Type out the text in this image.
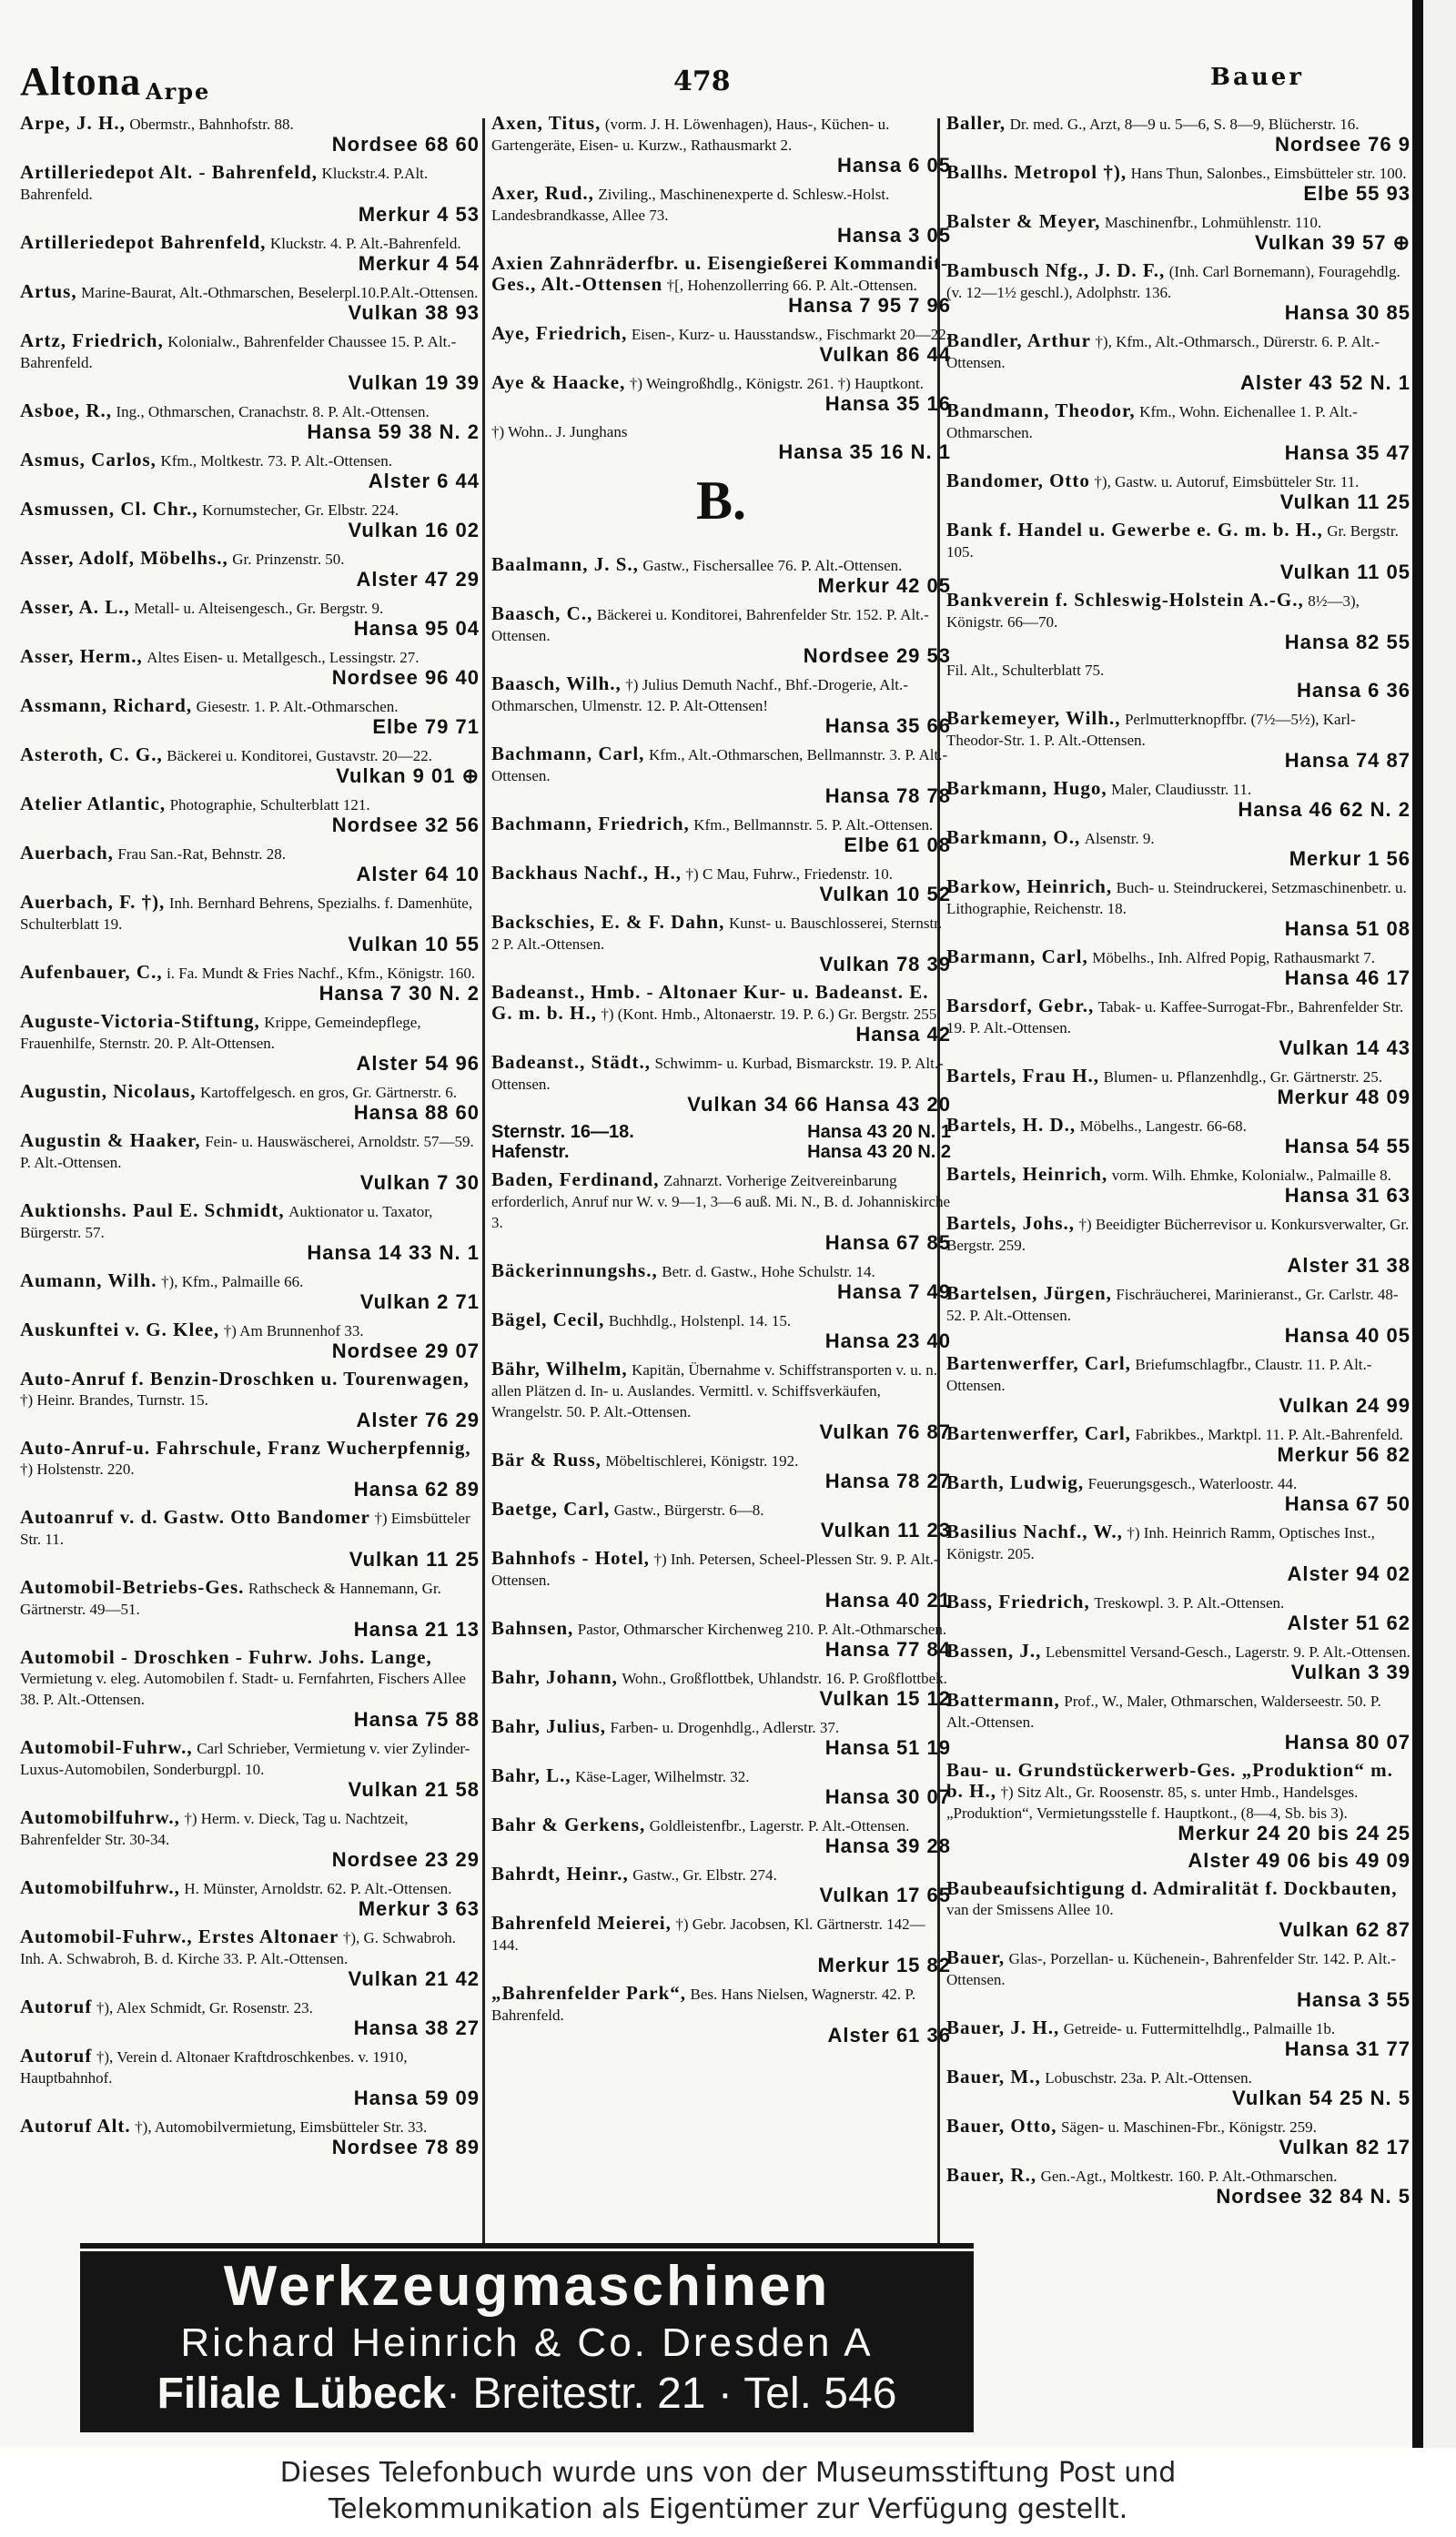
Altona Arpe	478	Bauer
Arpe, J. H., Obermstr., Bahnhofstr. 88.
Nordsee 68 60
Artilleriedepot Alt. - Bahrenfeld, Kluckstr.4. P.Alt. Bahrenfeld.
Merkur 4 53
Artilleriedepot Bahrenfeld, Kluckstr. 4. P. Alt.-Bahrenfeld.
Merkur 4 54
Artus, Marine-Baurat, Alt.-Othmarschen, Beselerpl.10.P.Alt.-Ottensen.
Vulkan 38 93
Artz, Friedrich, Kolonialw., Bahrenfelder Chaussee 15. P. Alt.-Bahrenfeld.
Vulkan 19 39
Asboe, R., Ing., Othmarschen, Cranachstr. 8. P. Alt.-Ottensen.
Hansa 59 38 N. 2
Asmus, Carlos, Kfm., Moltkestr. 73. P. Alt.-Ottensen.
Alster 6 44
Asmussen, Cl. Chr., Kornumstecher, Gr. Elbstr. 224.
Vulkan 16 02
Asser, Adolf, Möbelhs., Gr. Prinzenstr. 50.
Alster 47 29
Asser, A. L., Metall- u. Alteisengesch., Gr. Bergstr. 9.
Hansa 95 04
Asser, Herm., Altes Eisen- u. Metallgesch., Lessingstr. 27.
Nordsee 96 40
Assmann, Richard, Giesestr. 1. P. Alt.-Othmarschen.
Elbe 79 71
Asteroth, C. G., Bäckerei u. Konditorei, Gustavstr. 20—22.
Vulkan 9 01 ⊕
Atelier Atlantic, Photographie, Schulterblatt 121.
Nordsee 32 56
Auerbach, Frau San.-Rat, Behnstr. 28.
Alster 64 10
Auerbach, F. †), Inh. Bernhard Behrens, Spezialhs. f. Damenhüte, Schulterblatt 19.
Vulkan 10 55
Aufenbauer, C., i. Fa. Mundt & Fries Nachf., Kfm., Königstr. 160.
Hansa 7 30 N. 2
Auguste-Victoria-Stiftung, Krippe, Gemeindepflege, Frauenhilfe, Sternstr. 20. P. Alt-Ottensen.
Alster 54 96
Augustin, Nicolaus, Kartoffelgesch. en gros, Gr. Gärtnerstr. 6.
Hansa 88 60
Augustin & Haaker, Fein- u. Hauswäscherei, Arnoldstr. 57—59. P. Alt.-Ottensen.
Vulkan 7 30
Auktionshs. Paul E. Schmidt, Auktionator u. Taxator, Bürgerstr. 57.
Hansa 14 33 N. 1
Aumann, Wilh. †), Kfm., Palmaille 66.
Vulkan 2 71
Auskunftei v. G. Klee, †) Am Brunnenhof 33.
Nordsee 29 07
Auto-Anruf f. Benzin-Droschken u. Tourenwagen, †) Heinr. Brandes, Turnstr. 15.
Alster 76 29
Auto-Anruf-u. Fahrschule, Franz Wucherpfennig, †) Holstenstr. 220.
Hansa 62 89
Autoanruf v. d. Gastw. Otto Bandomer †) Eimsbütteler Str. 11.
Vulkan 11 25
Automobil-Betriebs-Ges. Rathscheck & Hannemann, Gr. Gärtnerstr. 49—51.
Hansa 21 13
Automobil - Droschken - Fuhrw. Johs. Lange, Vermietung v. eleg. Automobilen f. Stadt- u. Fernfahrten, Fischers Allee 38. P. Alt.-Ottensen.
Hansa 75 88
Automobil-Fuhrw., Carl Schrieber, Vermietung v. vier Zylinder-Luxus-Automobilen, Sonderburgpl. 10.
Vulkan 21 58
Automobilfuhrw., †) Herm. v. Dieck, Tag u. Nachtzeit, Bahrenfelder Str. 30-34.
Nordsee 23 29
Automobilfuhrw., H. Münster, Arnoldstr. 62. P. Alt.-Ottensen.
Merkur 3 63
Automobil-Fuhrw., Erstes Altonaer †), G. Schwabroh. Inh. A. Schwabroh, B. d. Kirche 33. P. Alt.-Ottensen.
Vulkan 21 42
Autoruf †), Alex Schmidt, Gr. Rosenstr. 23.
Hansa 38 27
Autoruf †), Verein d. Altonaer Kraftdroschkenbes. v. 1910, Hauptbahnhof.
Hansa 59 09
Autoruf Alt. †), Automobilvermietung, Eimsbütteler Str. 33.
Nordsee 78 89
Axen, Titus, (vorm. J. H. Löwenhagen), Haus-, Küchen- u. Gartengeräte, Eisen- u. Kurzw., Rathausmarkt 2.
Hansa 6 05
Axer, Rud., Ziviling., Maschinenexperte d. Schlesw.-Holst. Landesbrandkasse, Allee 73.
Hansa 3 05
Axien Zahnräderfbr. u. Eisengießerei Kommandit-Ges., Alt.-Ottensen †[, Hohenzollerring 66. P. Alt.-Ottensen.
Hansa 7 95 7 96
Aye, Friedrich, Eisen-, Kurz- u. Hausstandsw., Fischmarkt 20—22.
Vulkan 86 44
Aye & Haacke, †) Weingroßhdlg., Königstr. 261. †) Hauptkont.
Hansa 35 16
†) Wohn.. J. Junghans
Hansa 35 16 N. 1
B.
Baalmann, J. S., Gastw., Fischersallee 76. P. Alt.-Ottensen.
Merkur 42 05
Baasch, C., Bäckerei u. Konditorei, Bahrenfelder Str. 152. P. Alt.-Ottensen.
Nordsee 29 53
Baasch, Wilh., †) Julius Demuth Nachf., Bhf.-Drogerie, Alt.-Othmarschen, Ulmenstr. 12. P. Alt-Ottensen!
Hansa 35 66
Bachmann, Carl, Kfm., Alt.-Othmarschen, Bellmannstr. 3. P. Alt.-Ottensen.
Hansa 78 78
Bachmann, Friedrich, Kfm., Bellmannstr. 5. P. Alt.-Ottensen.
Elbe 61 08
Backhaus Nachf., H., †) C Mau, Fuhrw., Friedenstr. 10.
Vulkan 10 52
Backschies, E. & F. Dahn, Kunst- u. Bauschlosserei, Sternstr. 2 P. Alt.-Ottensen.
Vulkan 78 39
Badeanst., Hmb. - Altonaer Kur- u. Badeanst. E. G. m. b. H., †) (Kont. Hmb., Altonaerstr. 19. P. 6.) Gr. Bergstr. 255.
Hansa 42
Badeanst., Städt., Schwimm- u. Kurbad, Bismarckstr. 19. P. Alt.-Ottensen.
Vulkan 34 66 Hansa 43 20
Sternstr. 16—18.	Hansa 43 20 N. 1
Hafenstr.	Hansa 43 20 N. 2
Baden, Ferdinand, Zahnarzt. Vorherige Zeitvereinbarung erforderlich, Anruf nur W. v. 9—1, 3—6 auß. Mi. N., B. d. Johanniskirche 3.
Hansa 67 85
Bäckerinnungshs., Betr. d. Gastw., Hohe Schulstr. 14.
Hansa 7 49
Bägel, Cecil, Buchhdlg., Holstenpl. 14. 15.
Hansa 23 40
Bähr, Wilhelm, Kapitän, Übernahme v. Schiffstransporten v. u. n. allen Plätzen d. In- u. Auslandes. Vermittl. v. Schiffsverkäufen, Wrangelstr. 50. P. Alt.-Ottensen.
Vulkan 76 87
Bär & Russ, Möbeltischlerei, Königstr. 192.
Hansa 78 27
Baetge, Carl, Gastw., Bürgerstr. 6—8.
Vulkan 11 23
Bahnhofs - Hotel, †) Inh. Petersen, Scheel-Plessen Str. 9. P. Alt.-Ottensen.
Hansa 40 21
Bahnsen, Pastor, Othmarscher Kirchenweg 210. P. Alt.-Othmarschen.
Hansa 77 84
Bahr, Johann, Wohn., Großflottbek, Uhlandstr. 16. P. Großflottbek.
Vulkan 15 12
Bahr, Julius, Farben- u. Drogenhdlg., Adlerstr. 37.
Hansa 51 19
Bahr, L., Käse-Lager, Wilhelmstr. 32.
Hansa 30 07
Bahr & Gerkens, Goldleistenfbr., Lagerstr. P. Alt.-Ottensen.
Hansa 39 28
Bahrdt, Heinr., Gastw., Gr. Elbstr. 274.
Vulkan 17 65
Bahrenfeld Meierei, †) Gebr. Jacobsen, Kl. Gärtnerstr. 142—144.
Merkur 15 82
„Bahrenfelder Park“, Bes. Hans Nielsen, Wagnerstr. 42. P. Bahrenfeld.
Alster 61 36
Baller, Dr. med. G., Arzt, 8—9 u. 5—6, S. 8—9, Blücherstr. 16.
Nordsee 76 9
Ballhs. Metropol †), Hans Thun, Salonbes., Eimsbütteler str. 100.
Elbe 55 93
Balster & Meyer, Maschinenfbr., Lohmühlenstr. 110.
Vulkan 39 57 ⊕
Bambusch Nfg., J. D. F., (Inh. Carl Bornemann), Fouragehdlg. (v. 12—1½ geschl.), Adolphstr. 136.
Hansa 30 85
Bandler, Arthur †), Kfm., Alt.-Othmarsch., Dürerstr. 6. P. Alt.-Ottensen.
Alster 43 52 N. 1
Bandmann, Theodor, Kfm., Wohn. Eichenallee 1. P. Alt.-Othmarschen.
Hansa 35 47
Bandomer, Otto †), Gastw. u. Autoruf, Eimsbütteler Str. 11.
Vulkan 11 25
Bank f. Handel u. Gewerbe e. G. m. b. H., Gr. Bergstr. 105.
Vulkan 11 05
Bankverein f. Schleswig-Holstein A.-G., 8½—3), Königstr. 66—70.
Hansa 82 55
Fil. Alt., Schulterblatt 75.
Hansa 6 36
Barkemeyer, Wilh., Perlmutterknopffbr. (7½—5½), Karl-Theodor-Str. 1. P. Alt.-Ottensen.
Hansa 74 87
Barkmann, Hugo, Maler, Claudiusstr. 11.
Hansa 46 62 N. 2
Barkmann, O., Alsenstr. 9.
Merkur 1 56
Barkow, Heinrich, Buch- u. Steindruckerei, Setzmaschinenbetr. u. Lithographie, Reichenstr. 18.
Hansa 51 08
Barmann, Carl, Möbelhs., Inh. Alfred Popig, Rathausmarkt 7.
Hansa 46 17
Barsdorf, Gebr., Tabak- u. Kaffee-Surrogat-Fbr., Bahrenfelder Str. 19. P. Alt.-Ottensen.
Vulkan 14 43
Bartels, Frau H., Blumen- u. Pflanzenhdlg., Gr. Gärtnerstr. 25.
Merkur 48 09
Bartels, H. D., Möbelhs., Langestr. 66-68.
Hansa 54 55
Bartels, Heinrich, vorm. Wilh. Ehmke, Kolonialw., Palmaille 8.
Hansa 31 63
Bartels, Johs., †) Beeidigter Bücherrevisor u. Konkursverwalter, Gr. Bergstr. 259.
Alster 31 38
Bartelsen, Jürgen, Fischräucherei, Marinieranst., Gr. Carlstr. 48-52. P. Alt.-Ottensen.
Hansa 40 05
Bartenwerffer, Carl, Briefumschlagfbr., Claustr. 11. P. Alt.-Ottensen.
Vulkan 24 99
Bartenwerffer, Carl, Fabrikbes., Marktpl. 11. P. Alt.-Bahrenfeld.
Merkur 56 82
Barth, Ludwig, Feuerungsgesch., Waterloostr. 44.
Hansa 67 50
Basilius Nachf., W., †) Inh. Heinrich Ramm, Optisches Inst., Königstr. 205.
Alster 94 02
Bass, Friedrich, Treskowpl. 3. P. Alt.-Ottensen.
Alster 51 62
Bassen, J., Lebensmittel Versand-Gesch., Lagerstr. 9. P. Alt.-Ottensen.
Vulkan 3 39
Battermann, Prof., W., Maler, Othmarschen, Walderseestr. 50. P. Alt.-Ottensen.
Hansa 80 07
Bau- u. Grundstückerwerb-Ges. „Produktion“ m. b. H., †) Sitz Alt., Gr. Roosenstr. 85, s. unter Hmb., Handelsges. „Produktion“, Vermietungsstelle f. Hauptkont., (8—4, Sb. bis 3).
Merkur 24 20 bis 24 25
Alster 49 06 bis 49 09
Baubeaufsichtigung d. Admiralität f. Dockbauten, van der Smissens Allee 10.
Vulkan 62 87
Bauer, Glas-, Porzellan- u. Küchenein-, Bahrenfelder Str. 142. P. Alt.-Ottensen.
Hansa 3 55
Bauer, J. H., Getreide- u. Futtermittelhdlg., Palmaille 1b.
Hansa 31 77
Bauer, M., Lobuschstr. 23a. P. Alt.-Ottensen.
Vulkan 54 25 N. 5
Bauer, Otto, Sägen- u. Maschinen-Fbr., Königstr. 259.
Vulkan 82 17
Bauer, R., Gen.-Agt., Moltkestr. 160. P. Alt.-Othmarschen.
Nordsee 32 84 N. 5
Werkzeugmaschinen
Richard Heinrich & Co. Dresden A
Filiale Lübeck· Breitestr. 21 · Tel. 546
Dieses Telefonbuch wurde uns von der Museumsstiftung Post und
Telekommunikation als Eigentümer zur Verfügung gestellt.
